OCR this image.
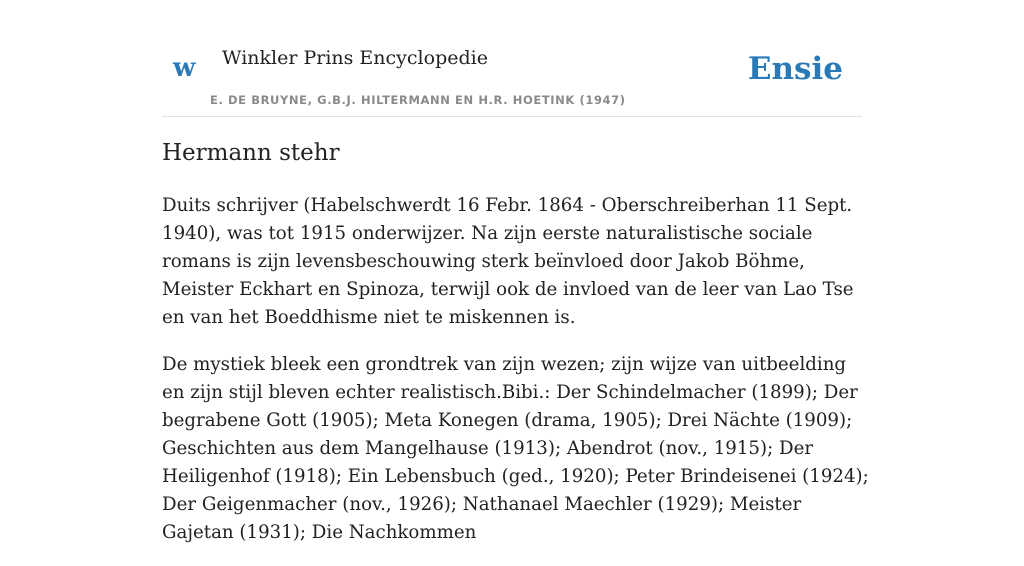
w Winkler Prins Encyclopedie
E. DE BRUYNE, G.B.J. HILTERMANN EN H.R. HOETINK (1947)
Ensie
Hermann stehr

Duits schrijver (Habelschwerdt 16 Febr. 1864 - Oberschreiberhan 11 Sept. 1940), was tot 1915 onderwijzer. Na zijn eerste naturalistische sociale romans is zijn levensbeschouwing sterk beïnvloed door Jakob Böhme, Meister Eckhart en Spinoza, terwijl ook de invloed van de leer van Lao Tse en van het Boeddhisme niet te miskennen is.

De mystiek bleek een grondtrek van zijn wezen; zijn wijze van uitbeelding en zijn stijl bleven echter realistisch.Bibi.: Der Schindelmacher (1899); Der begrabene Gott (1905); Meta Konegen (drama, 1905); Drei Nächte (1909); Geschichten aus dem Mangelhause (1913); Abendrot (nov., 1915); Der Heiligenhof (1918); Ein Lebensbuch (ged., 1920); Peter Brindeisenei (1924); Der Geigenmacher (nov., 1926); Nathanael Maechler (1929); Meister Gajetan (1931); Die Nachkommen
